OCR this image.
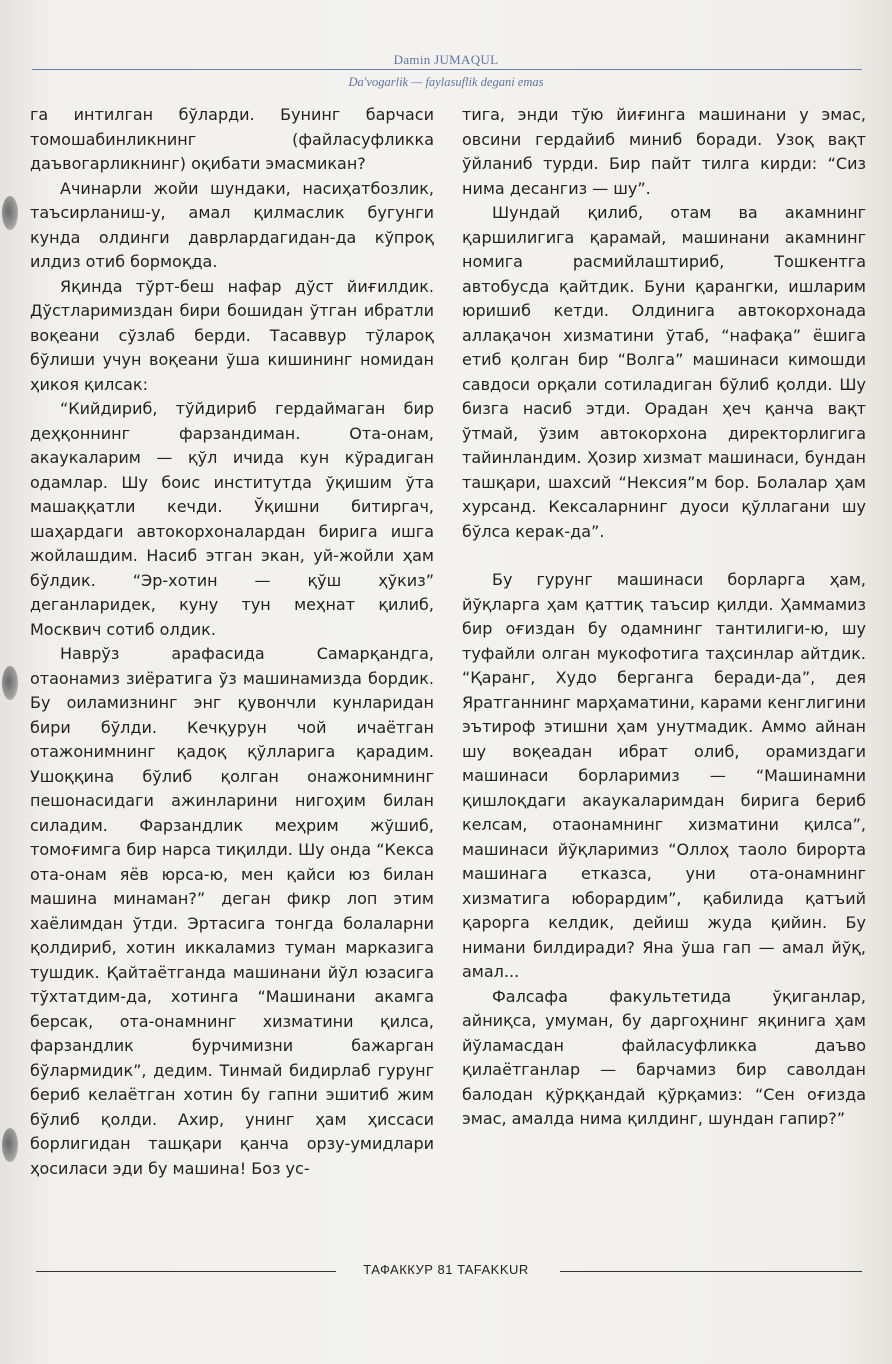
Damin JUMAQUL
Da'vogarlik — faylasuflik degani emas

га интилган бўларди. Бунинг барчаси томошабинликнинг (файласуфликка даъвогарликнинг) оқибати эмасмикан?

Ачинарли жойи шундаки, насиҳатбозлик, таъсирланиш-у, амал қилмаслик бугунги кунда олдинги даврлардагидан-да кўпроқ илдиз отиб бормоқда.

Яқинда тўрт-беш нафар дўст йиғилдик. Дўстларимиздан бири бошидан ўтган ибратли воқеани сўзлаб берди. Тасаввур тўлароқ бўлиши учун воқеани ўша кишининг номидан ҳикоя қилсак:

“Кийдириб, тўйдириб гердаймаган бир деҳқоннинг фарзандиман. Ота-онам, акаукаларим — қўл ичида кун кўрадиган одамлар. Шу боис институтда ўқишим ўта машаққатли кечди. Ўқишни битиргач, шаҳардаги автокорхоналардан бирига ишга жойлашдим. Насиб этган экан, уй-жойли ҳам бўлдик. “Эр-хотин — қўш ҳўкиз” деганларидек, куну тун меҳнат қилиб, Москвич сотиб олдик.

Наврўз арафасида Самарқандга, отаонамиз зиёратига ўз машинамизда бордик. Бу оиламизнинг энг қувончли кунларидан бири бўлди. Кечқурун чой ичаётган отажонимнинг қадоқ қўлларига қарадим. Ушоққина бўлиб қолган онажонимнинг пешонасидаги ажинларини нигоҳим билан силадим. Фарзандлик меҳрим жўшиб, томоғимга бир нарса тиқилди. Шу онда “Кекса ота-онам яёв юрса-ю, мен қайси юз билан машина минаман?” деган фикр лоп этим хаёлимдан ўтди. Эртасига тонгда болаларни қолдириб, хотин иккаламиз туман марказига тушдик. Қайтаётганда машинани йўл юзасига тўхтатдим-да, хотинга “Машинани акамга берсак, ота-онамнинг хизматини қилса, фарзандлик бурчимизни бажарган бўлармидик”, дедим. Тинмай бидирлаб гурунг бериб келаётган хотин бу гапни эшитиб жим бўлиб қолди. Ахир, унинг ҳам ҳиссаси борлигидан ташқари қанча орзу-умидлари ҳосиласи эди бу машина! Боз ус-

тига, энди тўю йиғинга машинани у эмас, овсини гердайиб миниб боради. Узоқ вақт ўйланиб турди. Бир пайт тилга кирди: “Сиз нима десангиз — шу”.

Шундай қилиб, отам ва акамнинг қаршилигига қарамай, машинани акамнинг номига расмийлаштириб, Тошкентга автобусда қайтдик. Буни қарангки, ишларим юришиб кетди. Олдинига автокорхонада аллақачон хизматини ўтаб, “нафақа” ёшига етиб қолган бир “Волга” машинаси кимошди савдоси орқали сотиладиган бўлиб қолди. Шу бизга насиб этди. Орадан ҳеч қанча вақт ўтмай, ўзим автокорхона директорлигига тайинландим. Ҳозир хизмат машинаси, бундан ташқари, шахсий “Нексия”м бор. Болалар ҳам хурсанд. Кексаларнинг дуоси қўллагани шу бўлса керак-да”.

Бу гурунг машинаси борларга ҳам, йўқларга ҳам қаттиқ таъсир қилди. Ҳаммамиз бир оғиздан бу одамнинг тантилиги-ю, шу туфайли олган мукофотига таҳсинлар айтдик. “Қаранг, Худо берганга беради-да”, дея Яратганнинг марҳаматини, карами кенглигини эътироф этишни ҳам унутмадик. Аммо айнан шу воқеадан ибрат олиб, орамиздаги машинаси борларимиз — “Машинамни қишлоқдаги акаукаларимдан бирига бериб келсам, отаонамнинг хизматини қилса”, машинаси йўқларимиз “Оллоҳ таоло бирорта машинага етказса, уни ота-онамнинг хизматига юборардим”, қабилида қатъий қарорга келдик, дейиш жуда қийин. Бу нимани билдиради? Яна ўша гап — амал йўқ, амал...

Фалсафа факультетида ўқиганлар, айниқса, умуман, бу даргоҳнинг яқинига ҳам йўламасдан файласуфликка даъво қилаётганлар — барчамиз бир саволдан балодан қўрққандай қўрқамиз: “Сен оғизда эмас, амалда нима қилдинг, шундан гапир?”

ТАФАККУР 81 TAFAKKUR
